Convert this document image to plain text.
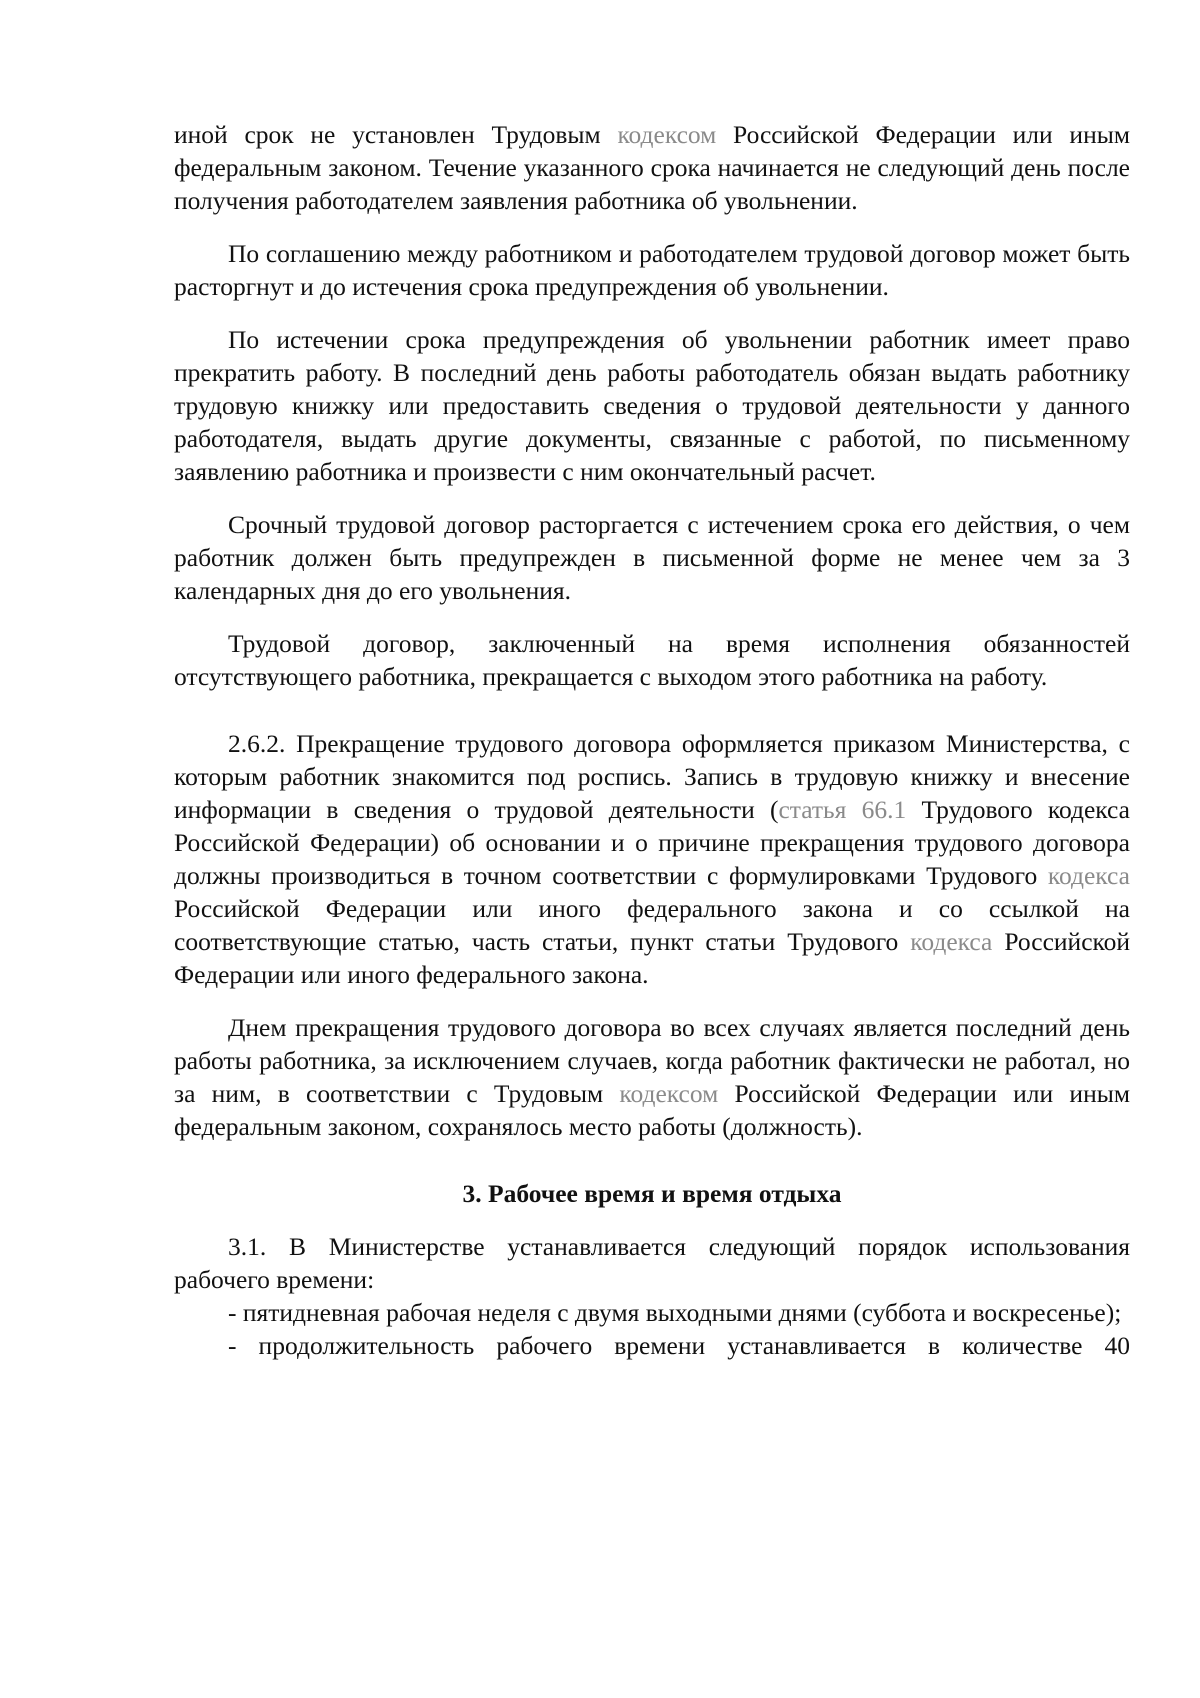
иной срок не установлен Трудовым кодексом Российской Федерации или иным федеральным законом. Течение указанного срока начинается не следующий день после получения работодателем заявления работника об увольнении.

По соглашению между работником и работодателем трудовой договор может быть расторгнут и до истечения срока предупреждения об увольнении.

По истечении срока предупреждения об увольнении работник имеет право прекратить работу. В последний день работы работодатель обязан выдать работнику трудовую книжку или предоставить сведения о трудовой деятельности у данного работодателя, выдать другие документы, связанные с работой, по письменному заявлению работника и произвести с ним окончательный расчет.

Срочный трудовой договор расторгается с истечением срока его действия, о чем работник должен быть предупрежден в письменной форме не менее чем за 3 календарных дня до его увольнения.

Трудовой договор, заключенный на время исполнения обязанностей отсутствующего работника, прекращается с выходом этого работника на работу.

2.6.2. Прекращение трудового договора оформляется приказом Министерства, с которым работник знакомится под роспись. Запись в трудовую книжку и внесение информации в сведения о трудовой деятельности (статья 66.1 Трудового кодекса Российской Федерации) об основании и о причине прекращения трудового договора должны производиться в точном соответствии с формулировками Трудового кодекса Российской Федерации или иного федерального закона и со ссылкой на соответствующие статью, часть статьи, пункт статьи Трудового кодекса Российской Федерации или иного федерального закона.

Днем прекращения трудового договора во всех случаях является последний день работы работника, за исключением случаев, когда работник фактически не работал, но за ним, в соответствии с Трудовым кодексом Российской Федерации или иным федеральным законом, сохранялось место работы (должность).

3. Рабочее время и время отдыха

3.1. В Министерстве устанавливается следующий порядок использования рабочего времени:

- пятидневная рабочая неделя с двумя выходными днями (суббота и воскресенье);

- продолжительность рабочего времени устанавливается в количестве 40
